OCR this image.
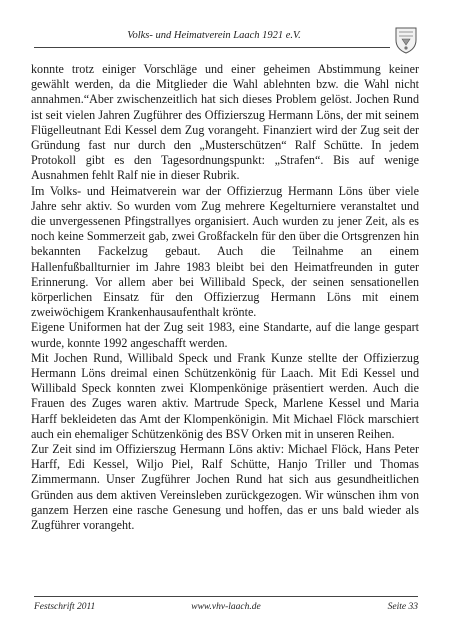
Volks- und Heimatverein Laach 1921 e.V.

konnte trotz einiger Vorschläge und einer geheimen Abstimmung keiner gewählt werden, da die Mitglieder die Wahl ablehnten bzw. die Wahl nicht annahmen.“Aber zwischenzeitlich hat sich dieses Problem gelöst. Jochen Rund ist seit vielen Jahren Zugführer des Offizierszug Hermann Löns, der mit seinem Flügelleutnant Edi Kessel dem Zug vorangeht. Finanziert wird der Zug seit der Gründung fast nur durch den „Musterschützen“ Ralf Schütte. In jedem Protokoll gibt es den Tagesordnungspunkt: „Strafen“. Bis auf wenige Ausnahmen fehlt Ralf nie in dieser Rubrik.

Im Volks- und Heimatverein war der Offizierzug Hermann Löns über viele Jahre sehr aktiv. So wurden vom Zug mehrere Kegelturniere veranstaltet und die unvergessenen Pfingstrallyes organisiert. Auch wurden zu jener Zeit, als es noch keine Sommerzeit gab, zwei Großfackeln für den über die Ortsgrenzen hin bekannten Fackelzug gebaut. Auch die Teilnahme an einem Hallenfußballturnier im Jahre 1983 bleibt bei den Heimatfreunden in guter Erinnerung. Vor allem aber bei Willibald Speck, der seinen sensationellen körperlichen Einsatz für den Offizierzug Hermann Löns mit einem zweiwöchigem Krankenhausaufenthalt krönte.

Eigene Uniformen hat der Zug seit 1983, eine Standarte, auf die lange gespart wurde, konnte 1992 angeschafft werden.

Mit Jochen Rund, Willibald Speck und Frank Kunze stellte der Offizierzug Hermann Löns dreimal einen Schützenkönig für Laach. Mit Edi Kessel und Willibald Speck konnten zwei Klompenkönige präsentiert werden. Auch die Frauen des Zuges waren aktiv. Martrude Speck, Marlene Kessel und Maria Harff bekleideten das Amt der Klompenkönigin. Mit Michael Flöck marschiert auch ein ehemaliger Schützenkönig des BSV Orken mit in unseren Reihen.

Zur Zeit sind im Offizierszug Hermann Löns aktiv: Michael Flöck, Hans Peter Harff, Edi Kessel, Wiljo Piel, Ralf Schütte, Hanjo Triller und Thomas Zimmermann. Unser Zugführer Jochen Rund hat sich aus gesundheitlichen Gründen aus dem aktiven Vereinsleben zurückgezogen. Wir wünschen ihm von ganzem Herzen eine rasche Genesung und hoffen, das er uns bald wieder als Zugführer vorangeht.

Festschrift 2011	www.vhv-laach.de	Seite 33
